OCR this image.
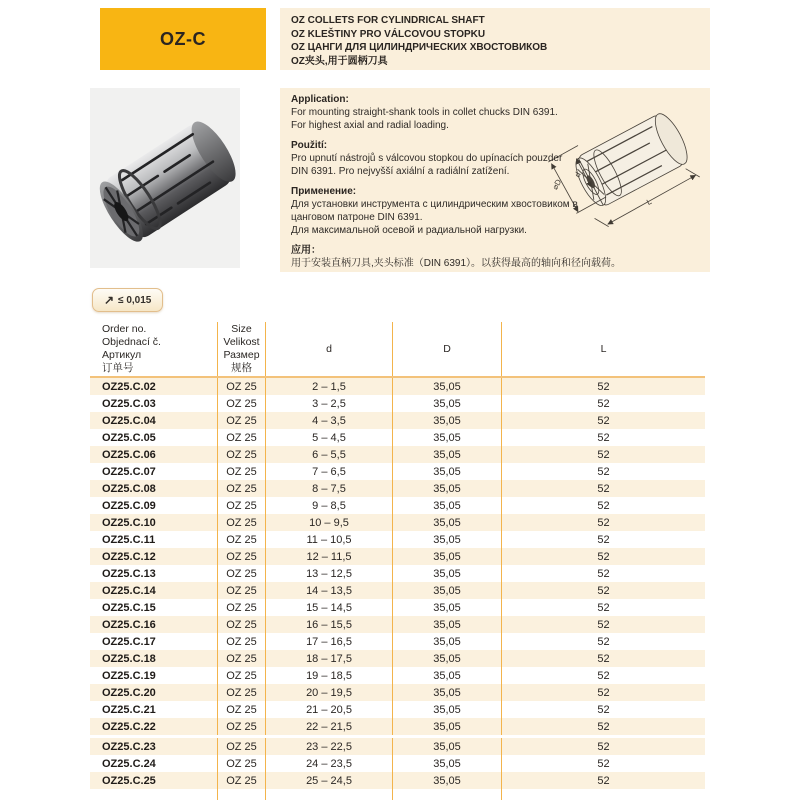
OZ-C
OZ COLLETS FOR CYLINDRICAL SHAFT
OZ KLEŠTINY PRO VÁLCOVOU STOPKU
OZ ЦАНГИ ДЛЯ ЦИЛИНДРИЧЕСКИХ ХВОСТОВИКОВ
OZ夹头,用于圆柄刀具
⌀D
d
L
Application:
For mounting straight-shank tools in collet chucks DIN 6391.
For highest axial and radial loading.
Použití:
Pro upnutí nástrojů s válcovou stopkou do upínacích pouzder
DIN 6391. Pro nejvyšší axiální a radiální zatížení.
Применение:
Для установки инструмента с цилиндрическим хвостовиком в
цанговом патроне DIN 6391.
Для максимальной осевой и радиальной нагрузки.
应用：
用于安装直柄刀具,夹头标准（DIN 6391）。以获得最高的轴向和径向载荷。
↗ ≤ 0,015
Order no.
Objednací č.
Артикул
订单号
Size
Velikost
Размер
规格
d	D	L
OZ25.C.02	OZ 25	2 – 1,5	35,05	52
OZ25.C.03	OZ 25	3 – 2,5	35,05	52
OZ25.C.04	OZ 25	4 – 3,5	35,05	52
OZ25.C.05	OZ 25	5 – 4,5	35,05	52
OZ25.C.06	OZ 25	6 – 5,5	35,05	52
OZ25.C.07	OZ 25	7 – 6,5	35,05	52
OZ25.C.08	OZ 25	8 – 7,5	35,05	52
OZ25.C.09	OZ 25	9 – 8,5	35,05	52
OZ25.C.10	OZ 25	10 – 9,5	35,05	52
OZ25.C.11	OZ 25	11 – 10,5	35,05	52
OZ25.C.12	OZ 25	12 – 11,5	35,05	52
OZ25.C.13	OZ 25	13 – 12,5	35,05	52
OZ25.C.14	OZ 25	14 – 13,5	35,05	52
OZ25.C.15	OZ 25	15 – 14,5	35,05	52
OZ25.C.16	OZ 25	16 – 15,5	35,05	52
OZ25.C.17	OZ 25	17 – 16,5	35,05	52
OZ25.C.18	OZ 25	18 – 17,5	35,05	52
OZ25.C.19	OZ 25	19 – 18,5	35,05	52
OZ25.C.20	OZ 25	20 – 19,5	35,05	52
OZ25.C.21	OZ 25	21 – 20,5	35,05	52
OZ25.C.22	OZ 25	22 – 21,5	35,05	52
OZ25.C.23	OZ 25	23 – 22,5	35,05	52
OZ25.C.24	OZ 25	24 – 23,5	35,05	52
OZ25.C.25	OZ 25	25 – 24,5	35,05	52
